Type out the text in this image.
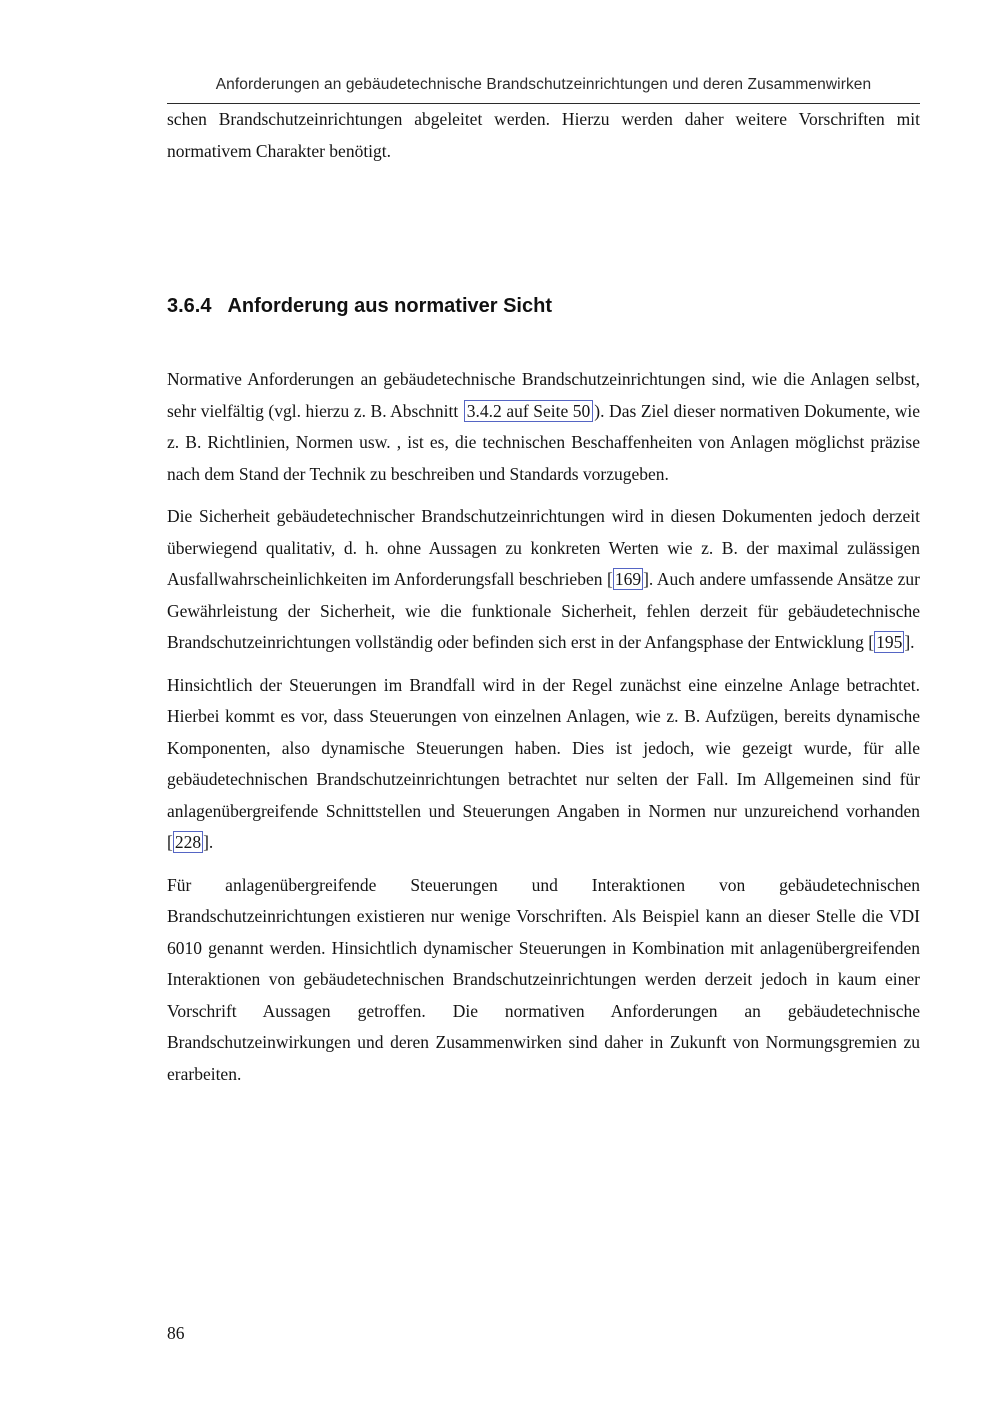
Anforderungen an gebäudetechnische Brandschutzeinrichtungen und deren Zusammenwirken

schen Brandschutzeinrichtungen abgeleitet werden. Hierzu werden daher weitere Vorschriften mit normativem Charakter benötigt.

3.6.4 Anforderung aus normativer Sicht

Normative Anforderungen an gebäudetechnische Brandschutzeinrichtungen sind, wie die Anlagen selbst, sehr vielfältig (vgl. hierzu z. B. Abschnitt 3.4.2 auf Seite 50 ). Das Ziel dieser normativen Dokumente, wie z. B. Richtlinien, Normen usw. , ist es, die technischen Beschaffenheiten von Anlagen möglichst präzise nach dem Stand der Technik zu beschreiben und Standards vorzugeben.

Die Sicherheit gebäudetechnischer Brandschutzeinrichtungen wird in diesen Dokumenten jedoch derzeit überwiegend qualitativ, d. h. ohne Aussagen zu konkreten Werten wie z. B. der maximal zulässigen Ausfallwahrscheinlichkeiten im Anforderungsfall beschrieben [ 169 ]. Auch andere umfassende Ansätze zur Gewährleistung der Sicherheit, wie die funktionale Sicherheit, fehlen derzeit für gebäudetechnische Brandschutzeinrichtungen vollständig oder befinden sich erst in der Anfangsphase der Entwicklung [ 195 ].

Hinsichtlich der Steuerungen im Brandfall wird in der Regel zunächst eine einzelne Anlage betrachtet. Hierbei kommt es vor, dass Steuerungen von einzelnen Anlagen, wie z. B. Aufzügen, bereits dynamische Komponenten, also dynamische Steuerungen haben. Dies ist jedoch, wie gezeigt wurde, für alle gebäudetechnischen Brandschutzeinrichtungen betrachtet nur selten der Fall. Im Allgemeinen sind für anlagenübergreifende Schnittstellen und Steuerungen Angaben in Normen nur unzureichend vorhanden [ 228 ].

Für anlagenübergreifende Steuerungen und Interaktionen von gebäudetechnischen Brandschutzeinrichtungen existieren nur wenige Vorschriften. Als Beispiel kann an dieser Stelle die VDI 6010 genannt werden. Hinsichtlich dynamischer Steuerungen in Kombination mit anlagenübergreifenden Interaktionen von gebäudetechnischen Brandschutzeinrichtungen werden derzeit jedoch in kaum einer Vorschrift Aussagen getroffen. Die normativen Anforderungen an gebäudetechnische Brandschutzeinwirkungen und deren Zusammenwirken sind daher in Zukunft von Normungsgremien zu erarbeiten.

86
